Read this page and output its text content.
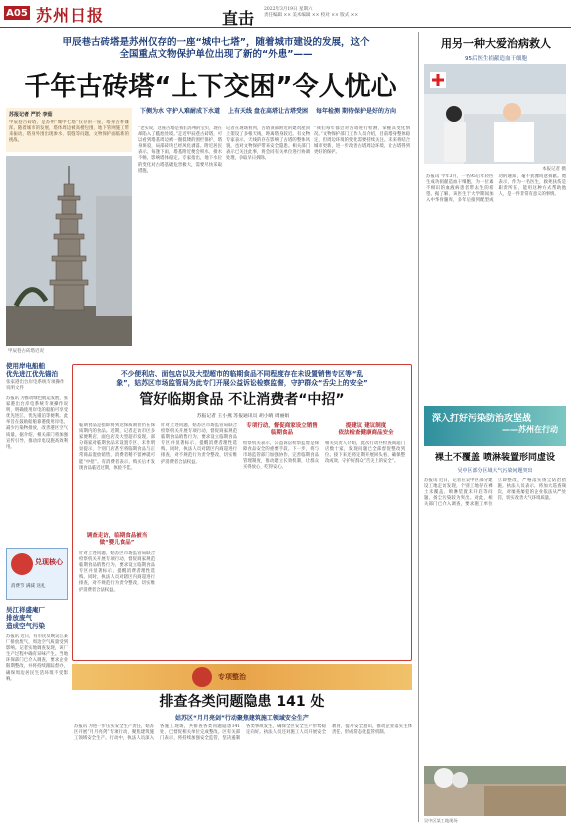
A05 苏州日报	直击 2022年3月19日 星期六
责任编辑 ×× 美术编辑 ×× 校对 ×× 版式 ××
甲辰巷古砖塔是苏州仅存的一座“城中七塔”，随着城市建设的发展，这个
全国重点文物保护单位出现了新的“外患”——
千年古砖塔“上下交困”令人忧心
苏报记者 严於 李茹
甲辰巷古砖塔，是苏州“城中七塔”仅存的一座，塔身古朴雄浑。随着城市的发展，塔体周边被高楼包围，地下管网施工带来振动，塔身外围出现渗水、裂缝等问题，文物保护面临新的挑战。
甲辰巷古砖塔近况
下侧为水 守护人难耐成下水道
“老实说，这座古塔是我们苏州的宝贝，现在却陷入了尴尬处境。”走近甲辰巷古砖塔，可以看到塔基周边被一圈低矮的围栏保护，塔身斑驳，局部砖块已经风化剥落。附近居民表示，每逢下雨，塔基附近便会积水，排水不畅，影响塔体稳定。专家指出，地下水位的变化对古塔基础危害极大，需要尽快采取措施。
上有天线 盘在高塔让古塔受困
记者在现场看到，古塔顶部附近的建筑屋顶上架设了多根天线，距离塔身较近。有文物专家表示，天线的存在影响了古塔的整体风貌，也对文物保护带来安全隐患。相关部门表示已关注此事，将会同有关单位进行协调处理，争取早日拆除。
每年检测 期待保护是好的方向
“我们每年都会对古塔进行检测，掌握其变化情况。”文物保护部门工作人员介绍，目前塔身整体稳定，但周边环境的变化需要持续关注。未来将结合城市更新，进一步改善古塔周边环境，让古塔得到更好的保护。
用另一种大爱治病救人
95后医生捐献造血干细胞
本报记者 摄
苏报讯 今年3月，一名95后年轻医生成功捐献造血干细胞，为一位素不相识的血液病患者带去生的希望。据了解，该医生于大学期间加入中华骨髓库，多年后接到配型成功的通知，毫不犹豫同意捐献。他表示，作为一名医生，救死扶伤是职责所在，能用这种方式帮助他人，是一件非常有意义的事情。
使用岸电船舶
优先进江优先锚泊
张家港出台岸电系统专项操作说明文件
苏报讯 为推动绿色航运发展，张家港出台岸电系统专项操作说明，明确使用岸电的船舶可享受优先进江、优先锚泊等便利。此举旨在鼓励船舶靠港使用岸电，减少污染物排放，改善港区空气质量。据介绍，相关部门将加强宣传引导，推动岸电设施高效利用。
兑现核心
消费节 满减 送礼
吴江祥盛庵厂
排放废气
造成空气污染
苏报讯 近日，有市民反映吴江某厂排放废气，周边空气质量受到影响。记者实地调查发现，该厂生产过程中确有异味产生。当地环保部门已介入调查，要求企业限期整改，并将持续跟踪督办，确保周边居民生活环境不受影响。
不少便利店、面包店以及大型超市的临期食品不同程度存在未设置销售专区等“乱
象”，姑苏区市场监管局为此专门开展公益诉讼检察监督，守护群众“舌尖上的安全”
管好临期食品 不让消费者“中招”
苏报记者 王小燕 苏报通讯员 胡小晴 周丽娟
临期食品是指即将到达保质期但仍在保质期内的食品。近期，记者走访市区多家便利店、面包店及大型超市发现，部分商家对临期食品未设置专区、未作明显提示，个别门店甚至将临期食品与正常商品混放销售，消费者稍不留神就可能“中招”。有消费者表示，购买后才发现食品临近过期，体验不佳。
调查走访，临期食品被当做“婴儿食品”
针对上述问题，姑苏区市场监管局联合检察机关开展专项行动，督促商家规范临期食品销售行为，要求设立临期食品专区并显著标示，提醒消费者理性选购。同时，执法人员对辖区内商超进行排查，对不规范行为责令整改，切实维护消费者合法权益。
针对上述问题，姑苏区市场监管局联合检察机关开展专项行动，督促商家规范临期食品销售行为，要求设立临期食品专区并显著标示，提醒消费者理性选购。同时，执法人员对辖区内商超进行排查，对不规范行为责令整改，切实维护消费者合法权益。
专项行动，督促商家设立销售临期食品
检察机关表示，公益诉讼检察监督是保障食品安全的重要手段。下一步，将与市场监管部门加强协作，完善临期食品管理制度，推动建立长效机制，让群众买得放心、吃得安心。
提建议 建议制度
依法检查健康商品安全
相关负责人介绍，此次行动共检查商超门店数十家，发现问题已全部督促整改到位。接下来还将定期开展回头看，确保整改成效，守护好群众“舌尖上的安全”。
深入打好污染防治攻坚战
——苏州在行动
裸土不覆盖 喷淋装置形同虚设
吴中区部分区域大气污染问题突出
苏报讯 近日，记者在吴中区部分建设工地走访发现，个别工地存在裸土未覆盖、喷淋装置未开启等问题，扬尘污染较为突出。对此，相关部门已介入调查，要求施工单位立即整改，严格落实扬尘防治措施。执法人员表示，将加大巡查频次，对屡查屡犯的企业依法从严处罚，切实改善大气环境质量。
吴中区某工地现场
专项整治
排查各类问题隐患 141 处
姑苏区“月月亮剑”行动聚焦建筑施工领域安全生产
苏报讯 为进一步压实安全生产责任，姑苏区开展“月月亮剑”专项行动，聚焦建筑施工领域安全生产。行动中，执法人员深入各施工现场，共排查各类问题隐患141处，已督促相关单位完成整改。区有关部门表示，将持续加强安全监管，坚决遏制各类事故发生，确保全区安全生产形势稳定向好。执法人员还对施工人员开展安全教育，提升安全意识，推动企业落实主体责任，形成常态化监管机制。
